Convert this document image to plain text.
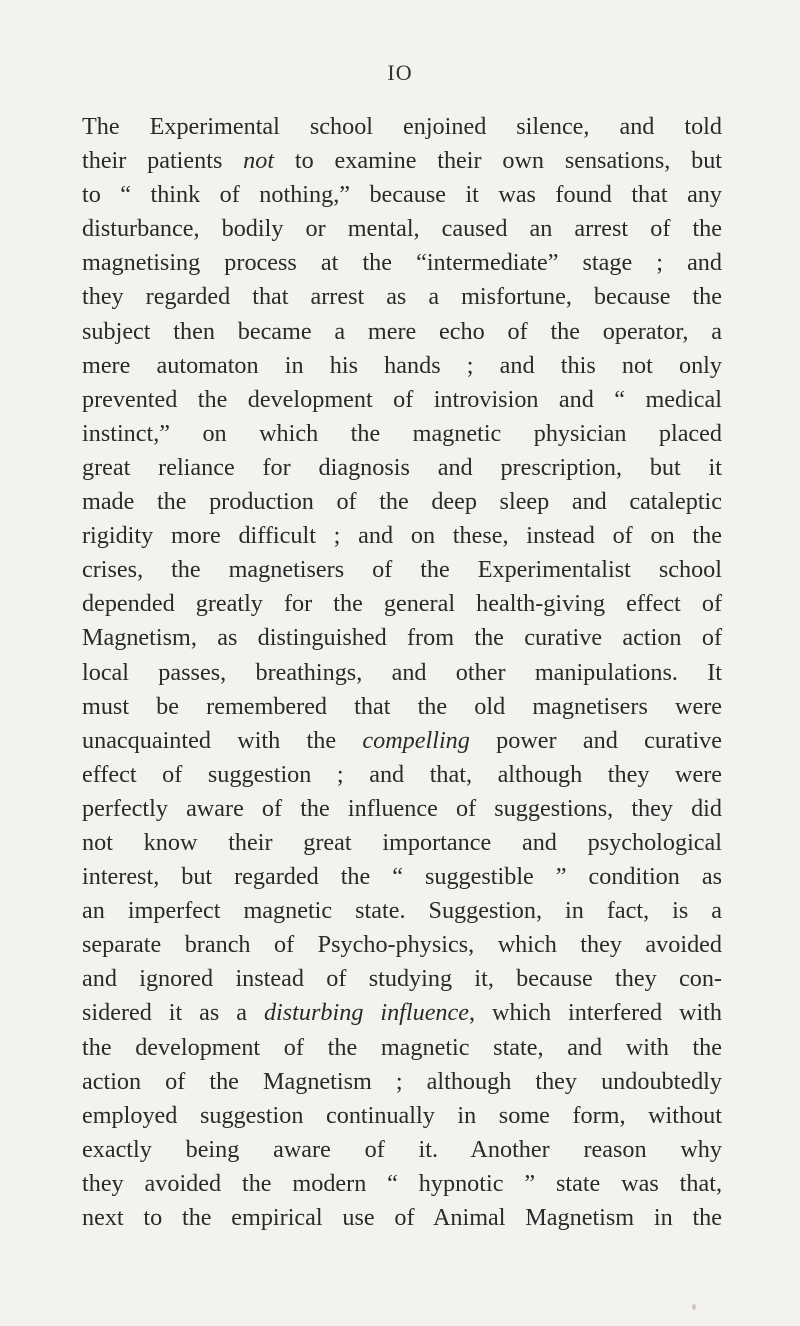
IO
The Experimental school enjoined silence, and told
their patients not to examine their own sensations, but
to “ think of nothing,” because it was found that any
disturbance, bodily or mental, caused an arrest of the
magnetising process at the “intermediate” stage ; and
they regarded that arrest as a misfortune, because the
subject then became a mere echo of the operator, a
mere automaton in his hands ; and this not only
prevented the development of introvision and “ medical
instinct,” on which the magnetic physician placed
great reliance for diagnosis and prescription, but it
made the production of the deep sleep and cataleptic
rigidity more difficult ; and on these, instead of on the
crises, the magnetisers of the Experimentalist school
depended greatly for the general health-giving effect of
Magnetism, as distinguished from the curative action of
local passes, breathings, and other manipulations. It
must be remembered that the old magnetisers were
unacquainted with the compelling power and curative
effect of suggestion ; and that, although they were
perfectly aware of the influence of suggestions, they did
not know their great importance and psychological
interest, but regarded the “ suggestible ” condition as
an imperfect magnetic state. Suggestion, in fact, is a
separate branch of Psycho-physics, which they avoided
and ignored instead of studying it, because they con-
sidered it as a disturbing influence, which interfered with
the development of the magnetic state, and with the
action of the Magnetism ; although they undoubtedly
employed suggestion continually in some form, without
exactly being aware of it. Another reason why
they avoided the modern “ hypnotic ” state was that,
next to the empirical use of Animal Magnetism in the
